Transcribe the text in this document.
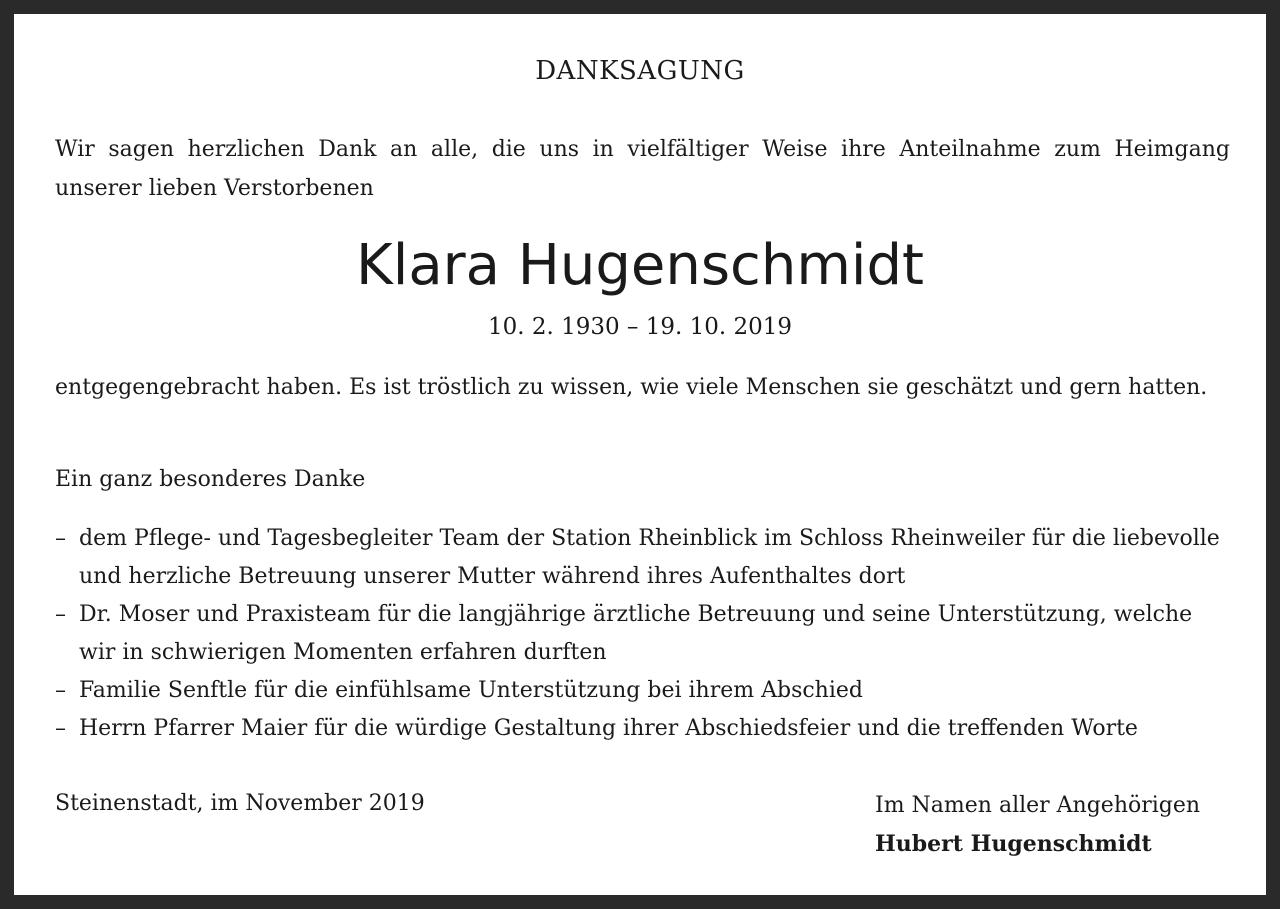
DANKSAGUNG
Wir sagen herzlichen Dank an alle, die uns in vielfältiger Weise ihre Anteilnahme zum Heimgang unserer lieben Verstorbenen
Klara Hugenschmidt
10. 2. 1930 – 19. 10. 2019
entgegengebracht haben. Es ist tröstlich zu wissen, wie viele Menschen sie geschätzt und gern hatten.
Ein ganz besonderes Danke
– dem Pflege- und Tagesbegleiter Team der Station Rheinblick im Schloss Rheinweiler für die liebevolle und herzliche Betreuung unserer Mutter während ihres Aufenthaltes dort
– Dr. Moser und Praxisteam für die langjährige ärztliche Betreuung und seine Unterstützung, welche wir in schwierigen Momenten erfahren durften
– Familie Senftle für die einfühlsame Unterstützung bei ihrem Abschied
– Herrn Pfarrer Maier für die würdige Gestaltung ihrer Abschiedsfeier und die treffenden Worte
Steinenstadt, im November 2019	Im Namen aller Angehörigen
Hubert Hugenschmidt
